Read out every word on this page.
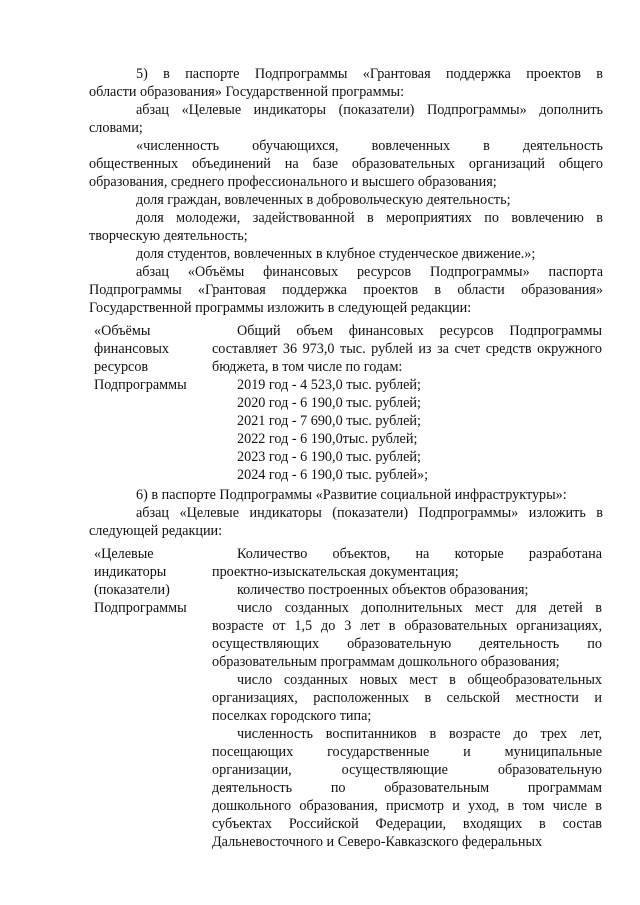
5) в паспорте Подпрограммы «Грантовая поддержка проектов в

области образования» Государственной программы:

абзац «Целевые индикаторы (показатели) Подпрограммы» дополнить

словами;

«численность обучающихся, вовлеченных в деятельность

общественных объединений на базе образовательных организаций общего

образования, среднего профессионального и высшего образования;

доля граждан, вовлеченных в добровольческую деятельность;

доля молодежи, задействованной в мероприятиях по вовлечению в

творческую деятельность;

доля студентов, вовлеченных в клубное студенческое движение.»;

абзац «Объёмы финансовых ресурсов Подпрограммы» паспорта

Подпрограммы «Грантовая поддержка проектов в области образования»

Государственной программы изложить в следующей редакции:

«Объёмы

финансовых

ресурсов

Подпрограммы

Общий объем финансовых ресурсов Подпрограммы

составляет 36 973,0 тыс. рублей из за счет средств окружного

бюджета, в том числе по годам:

2019 год - 4 523,0 тыс. рублей;

2020 год - 6 190,0 тыс. рублей;

2021 год - 7 690,0 тыс. рублей;

2022 год - 6 190,0тыс. рублей;

2023 год - 6 190,0 тыс. рублей;

2024 год - 6 190,0 тыс. рублей»;

6) в паспорте Подпрограммы «Развитие социальной инфраструктуры»:

абзац «Целевые индикаторы (показатели) Подпрограммы» изложить в

следующей редакции:

«Целевые

индикаторы

(показатели)

Подпрограммы

Количество объектов, на которые разработана

проектно-изыскательская документация;

количество построенных объектов образования;

число созданных дополнительных мест для детей в

возрасте от 1,5 до 3 лет в образовательных организациях,

осуществляющих образовательную деятельность по

образовательным программам дошкольного образования;

число созданных новых мест в общеобразовательных

организациях, расположенных в сельской местности и

поселках городского типа;

численность воспитанников в возрасте до трех лет,

посещающих государственные и муниципальные

организации, осуществляющие образовательную

деятельность по образовательным программам

дошкольного образования, присмотр и уход, в том числе в

субъектах Российской Федерации, входящих в состав

Дальневосточного и Северо-Кавказского федеральных
